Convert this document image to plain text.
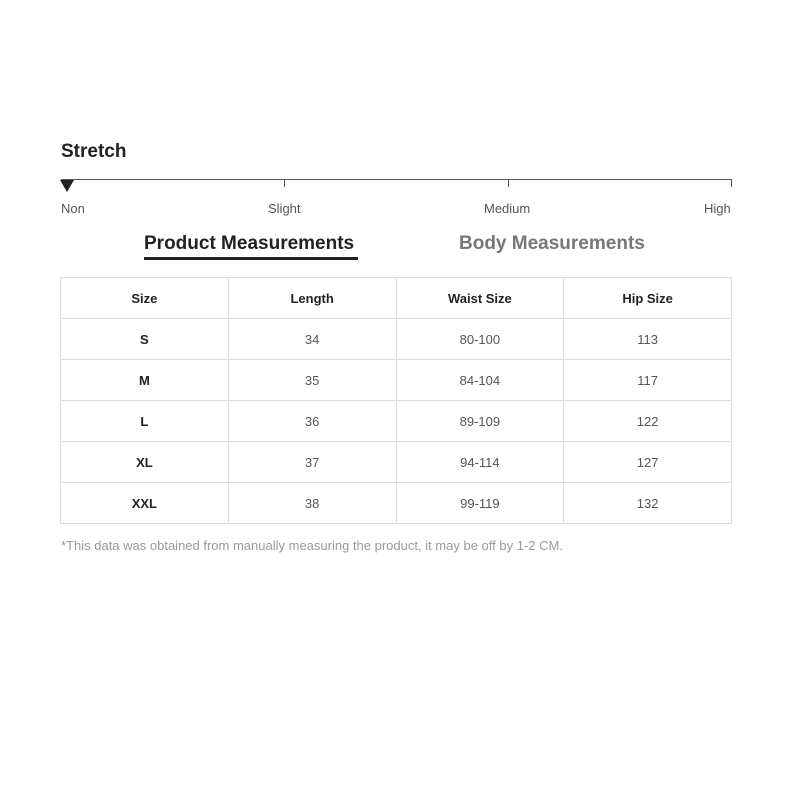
Stretch
Non	Slight	Medium	High
Product Measurements	Body Measurements
Size	Length	Waist Size	Hip Size
S	34	80-100	113
M	35	84-104	117
L	36	89-109	122
XL	37	94-114	127
XXL	38	99-119	132
*This data was obtained from manually measuring the product, it may be off by 1-2 CM.
